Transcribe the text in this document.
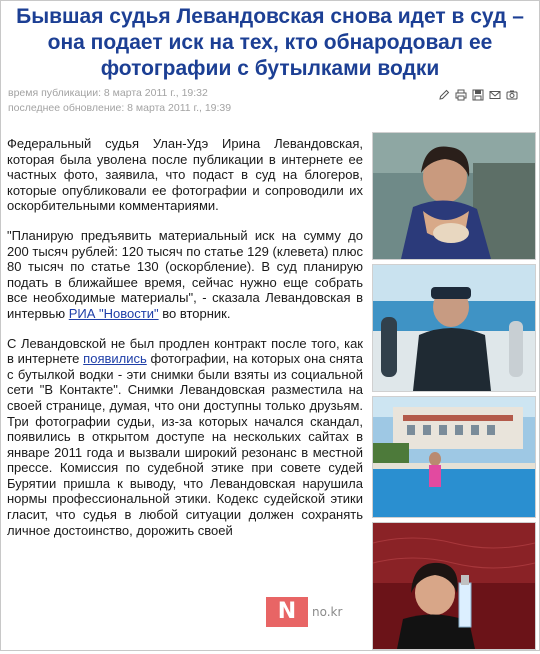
Бывшая судья Левандовская снова идет в суд – она подает иск на тех, кто обнародовал ее фотографии с бутылками водки
время публикации: 8 марта 2011 г., 19:32
последнее обновление: 8 марта 2011 г., 19:39

Федеральный судья Улан-Удэ Ирина Левандовская, которая была уволена после публикации в интернете ее частных фото, заявила, что подаст в суд на блогеров, которые опубликовали ее фотографии и сопроводили их оскорбительными комментариями.

"Планирую предъявить материальный иск на сумму до 200 тысяч рублей: 120 тысяч по статье 129 (клевета) плюс 80 тысяч по статье 130 (оскорбление). В суд планирую подать в ближайшее время, сейчас нужно еще собрать все необходимые материалы", - сказала Левандовская в интервью РИА "Новости" во вторник.

С Левандовской не был продлен контракт после того, как в интернете появились фотографии, на которых она снята с бутылкой водки - эти снимки были взяты из социальной сети "В Контакте". Снимки Левандовская разместила на своей странице, думая, что они доступны только друзьям. Три фотографии судьи, из-за которых начался скандал, появились в открытом доступе на нескольких сайтах в январе 2011 года и вызвали широкий резонанс в местной прессе. Комиссия по судебной этике при совете судей Бурятии пришла к выводу, что Левандовская нарушила нормы профессиональной этики. Кодекс судейской этики гласит, что судья в любой ситуации должен сохранять личное достоинство, дорожить своей

N	no.kr
